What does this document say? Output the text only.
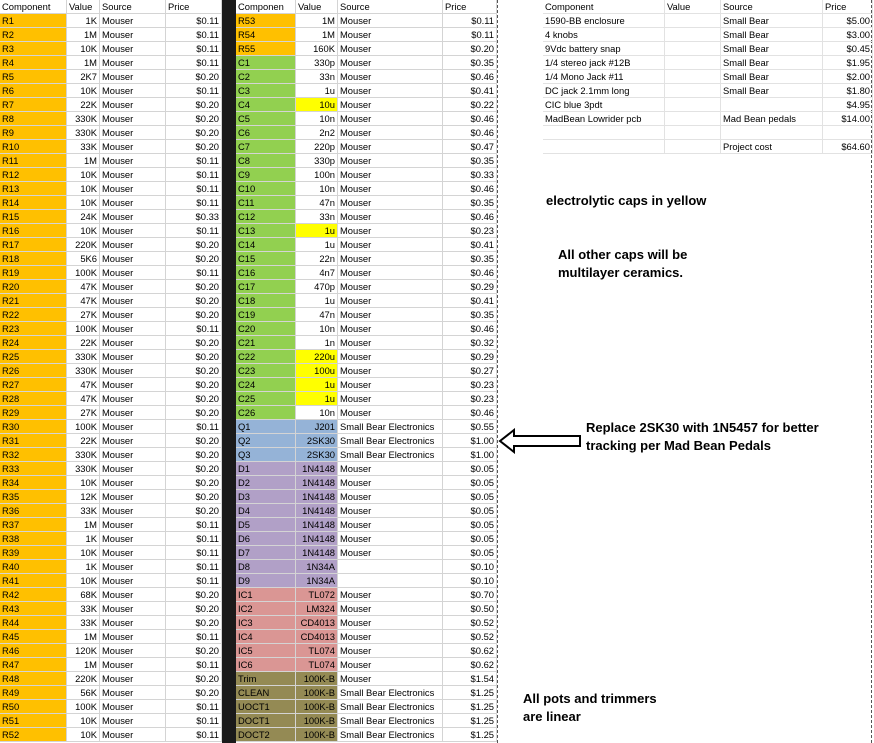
Component	Value	Source	Price
R1	1K Mouser	$0.11
R2	1M Mouser	$0.11
R3	10K Mouser	$0.11
R4	1M Mouser	$0.11
R5	2K7 Mouser	$0.20
R6	10K Mouser	$0.11
R7	22K Mouser	$0.20
R8	330K Mouser	$0.20
R9	330K Mouser	$0.20
R10	33K Mouser	$0.20
R11	1M Mouser	$0.11
R12	10K Mouser	$0.11
R13	10K Mouser	$0.11
R14	10K Mouser	$0.11
R15	24K Mouser	$0.33
R16	10K Mouser	$0.11
R17	220K Mouser	$0.20
R18	5K6 Mouser	$0.20
R19	100K Mouser	$0.11
R20	47K Mouser	$0.20
R21	47K Mouser	$0.20
R22	27K Mouser	$0.20
R23	100K Mouser	$0.11
R24	22K Mouser	$0.20
R25	330K Mouser	$0.20
R26	330K Mouser	$0.20
R27	47K Mouser	$0.20
R28	47K Mouser	$0.20
R29	27K Mouser	$0.20
R30	100K Mouser	$0.11
R31	22K Mouser	$0.20
R32	330K Mouser	$0.20
R33	330K Mouser	$0.20
R34	10K Mouser	$0.20
R35	12K Mouser	$0.20
R36	33K Mouser	$0.20
R37	1M Mouser	$0.11
R38	1K Mouser	$0.11
R39	10K Mouser	$0.11
R40	1K Mouser	$0.11
R41	10K Mouser	$0.11
R42	68K Mouser	$0.20
R43	33K Mouser	$0.20
R44	33K Mouser	$0.20
R45	1M Mouser	$0.11
R46	120K Mouser	$0.20
R47	1M Mouser	$0.11
R48	220K Mouser	$0.20
R49	56K Mouser	$0.20
R50	100K Mouser	$0.11
R51	10K Mouser	$0.11
R52	10K Mouser	$0.11
Componen	Value	Source	Price
R53	1M Mouser	$0.11
R54	1M Mouser	$0.11
R55	160K Mouser	$0.20
C1	330p Mouser	$0.35
C2	33n Mouser	$0.46
C3	1u Mouser	$0.41
C4	10u Mouser	$0.22
C5	10n Mouser	$0.46
C6	2n2 Mouser	$0.46
C7	220p Mouser	$0.47
C8	330p Mouser	$0.35
C9	100n Mouser	$0.33
C10	10n Mouser	$0.46
C11	47n Mouser	$0.35
C12	33n Mouser	$0.46
C13	1u Mouser	$0.23
C14	1u Mouser	$0.41
C15	22n Mouser	$0.35
C16	4n7 Mouser	$0.46
C17	470p Mouser	$0.29
C18	1u Mouser	$0.41
C19	47n Mouser	$0.35
C20	10n Mouser	$0.46
C21	1n Mouser	$0.32
C22	220u Mouser	$0.29
C23	100u Mouser	$0.27
C24	1u Mouser	$0.23
C25	1u Mouser	$0.23
C26	10n Mouser	$0.46
Q1	J201 Small Bear Electronics	$0.55
Q2	2SK30 Small Bear Electronics	$1.00
Q3	2SK30 Small Bear Electronics	$1.00
D1	1N4148 Mouser	$0.05
D2	1N4148 Mouser	$0.05
D3	1N4148 Mouser	$0.05
D4	1N4148 Mouser	$0.05
D5	1N4148 Mouser	$0.05
D6	1N4148 Mouser	$0.05
D7	1N4148 Mouser	$0.05
D8	1N34A	$0.10
D9	1N34A	$0.10
IC1	TL072 Mouser	$0.70
IC2	LM324 Mouser	$0.50
IC3	CD4013 Mouser	$0.52
IC4	CD4013 Mouser	$0.52
IC5	TL074 Mouser	$0.62
IC6	TL074 Mouser	$0.62
Trim	100K-B Mouser	$1.54
CLEAN	100K-B Small Bear Electronics	$1.25
UOCT1	100K-B Small Bear Electronics	$1.25
DOCT1	100K-B Small Bear Electronics	$1.25
DOCT2	100K-B Small Bear Electronics	$1.25
Component	Value	Source	Price
1590-BB enclosure	Small Bear	$5.00
4 knobs	Small Bear	$3.00
9Vdc battery snap	Small Bear	$0.45
1/4 stereo jack #12B	Small Bear	$1.95
1/4 Mono Jack #11	Small Bear	$2.00
DC jack 2.1mm long	Small Bear	$1.80
CIC blue 3pdt	$4.95
MadBean Lowrider pcb	Mad Bean pedals	$14.00
Project cost	$64.60
electrolytic caps in yellow
All other caps will be multilayer ceramics.
Replace 2SK30 with 1N5457 for better tracking per Mad Bean Pedals
All pots and trimmers are linear
